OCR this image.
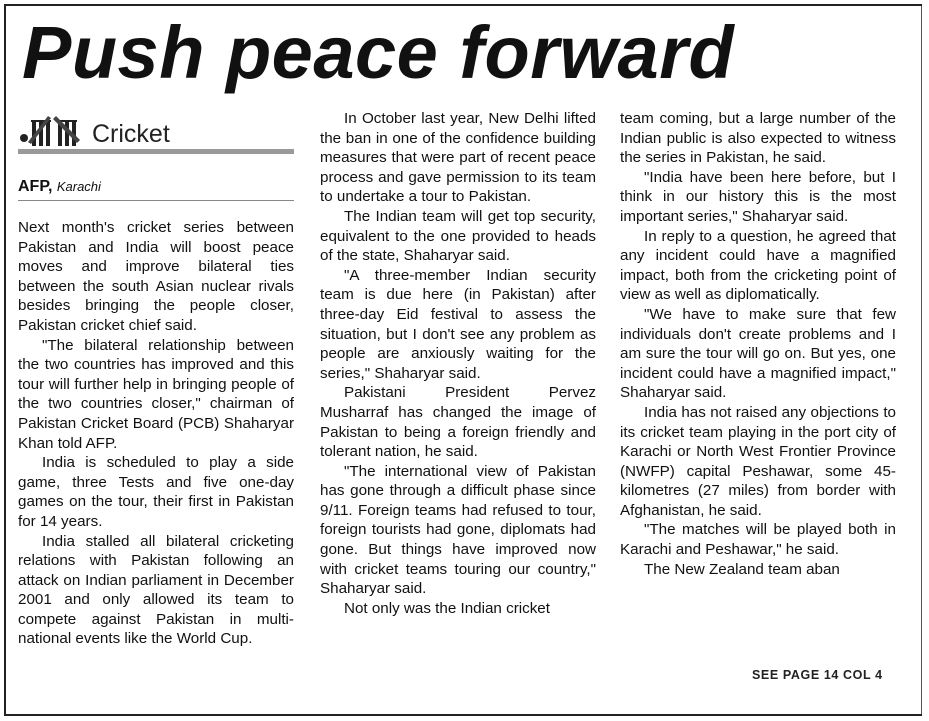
Push peace forward
Cricket
AFP, Karachi

Next month's cricket series between Pakistan and India will boost peace moves and improve bilateral ties between the south Asian nuclear rivals besides bringing the people closer, Pakistan cricket chief said.

"The bilateral relationship between the two countries has improved and this tour will further help in bringing people of the two countries closer," chairman of Pakistan Cricket Board (PCB) Shaharyar Khan told AFP.

India is scheduled to play a side game, three Tests and five one-day games on the tour, their first in Pakistan for 14 years.

India stalled all bilateral cricketing relations with Pakistan following an attack on Indian parliament in December 2001 and only allowed its team to compete against Pakistan in multi-national events like the World Cup.

In October last year, New Delhi lifted the ban in one of the confidence building measures that were part of recent peace process and gave permission to its team to undertake a tour to Pakistan.

The Indian team will get top security, equivalent to the one provided to heads of the state, Shaharyar said.

"A three-member Indian security team is due here (in Pakistan) after three-day Eid festival to assess the situation, but I don't see any problem as people are anxiously waiting for the series," Shaharyar said.

Pakistani President Pervez Musharraf has changed the image of Pakistan to being a foreign friendly and tolerant nation, he said.

"The international view of Pakistan has gone through a difficult phase since 9/11. Foreign teams had refused to tour, foreign tourists had gone, diplomats had gone. But things have improved now with cricket teams touring our country," Shaharyar said.

Not only was the Indian cricket

team coming, but a large number of the Indian public is also expected to witness the series in Pakistan, he said.

"India have been here before, but I think in our history this is the most important series," Shaharyar said.

In reply to a question, he agreed that any incident could have a magnified impact, both from the cricketing point of view as well as diplomatically.

"We have to make sure that few individuals don't create problems and I am sure the tour will go on. But yes, one incident could have a magnified impact," Shaharyar said.

India has not raised any objections to its cricket team playing in the port city of Karachi or North West Frontier Province (NWFP) capital Peshawar, some 45-kilometres (27 miles) from border with Afghanistan, he said.

"The matches will be played both in Karachi and Peshawar," he said.

The New Zealand team aban

SEE PAGE 14 COL 4
